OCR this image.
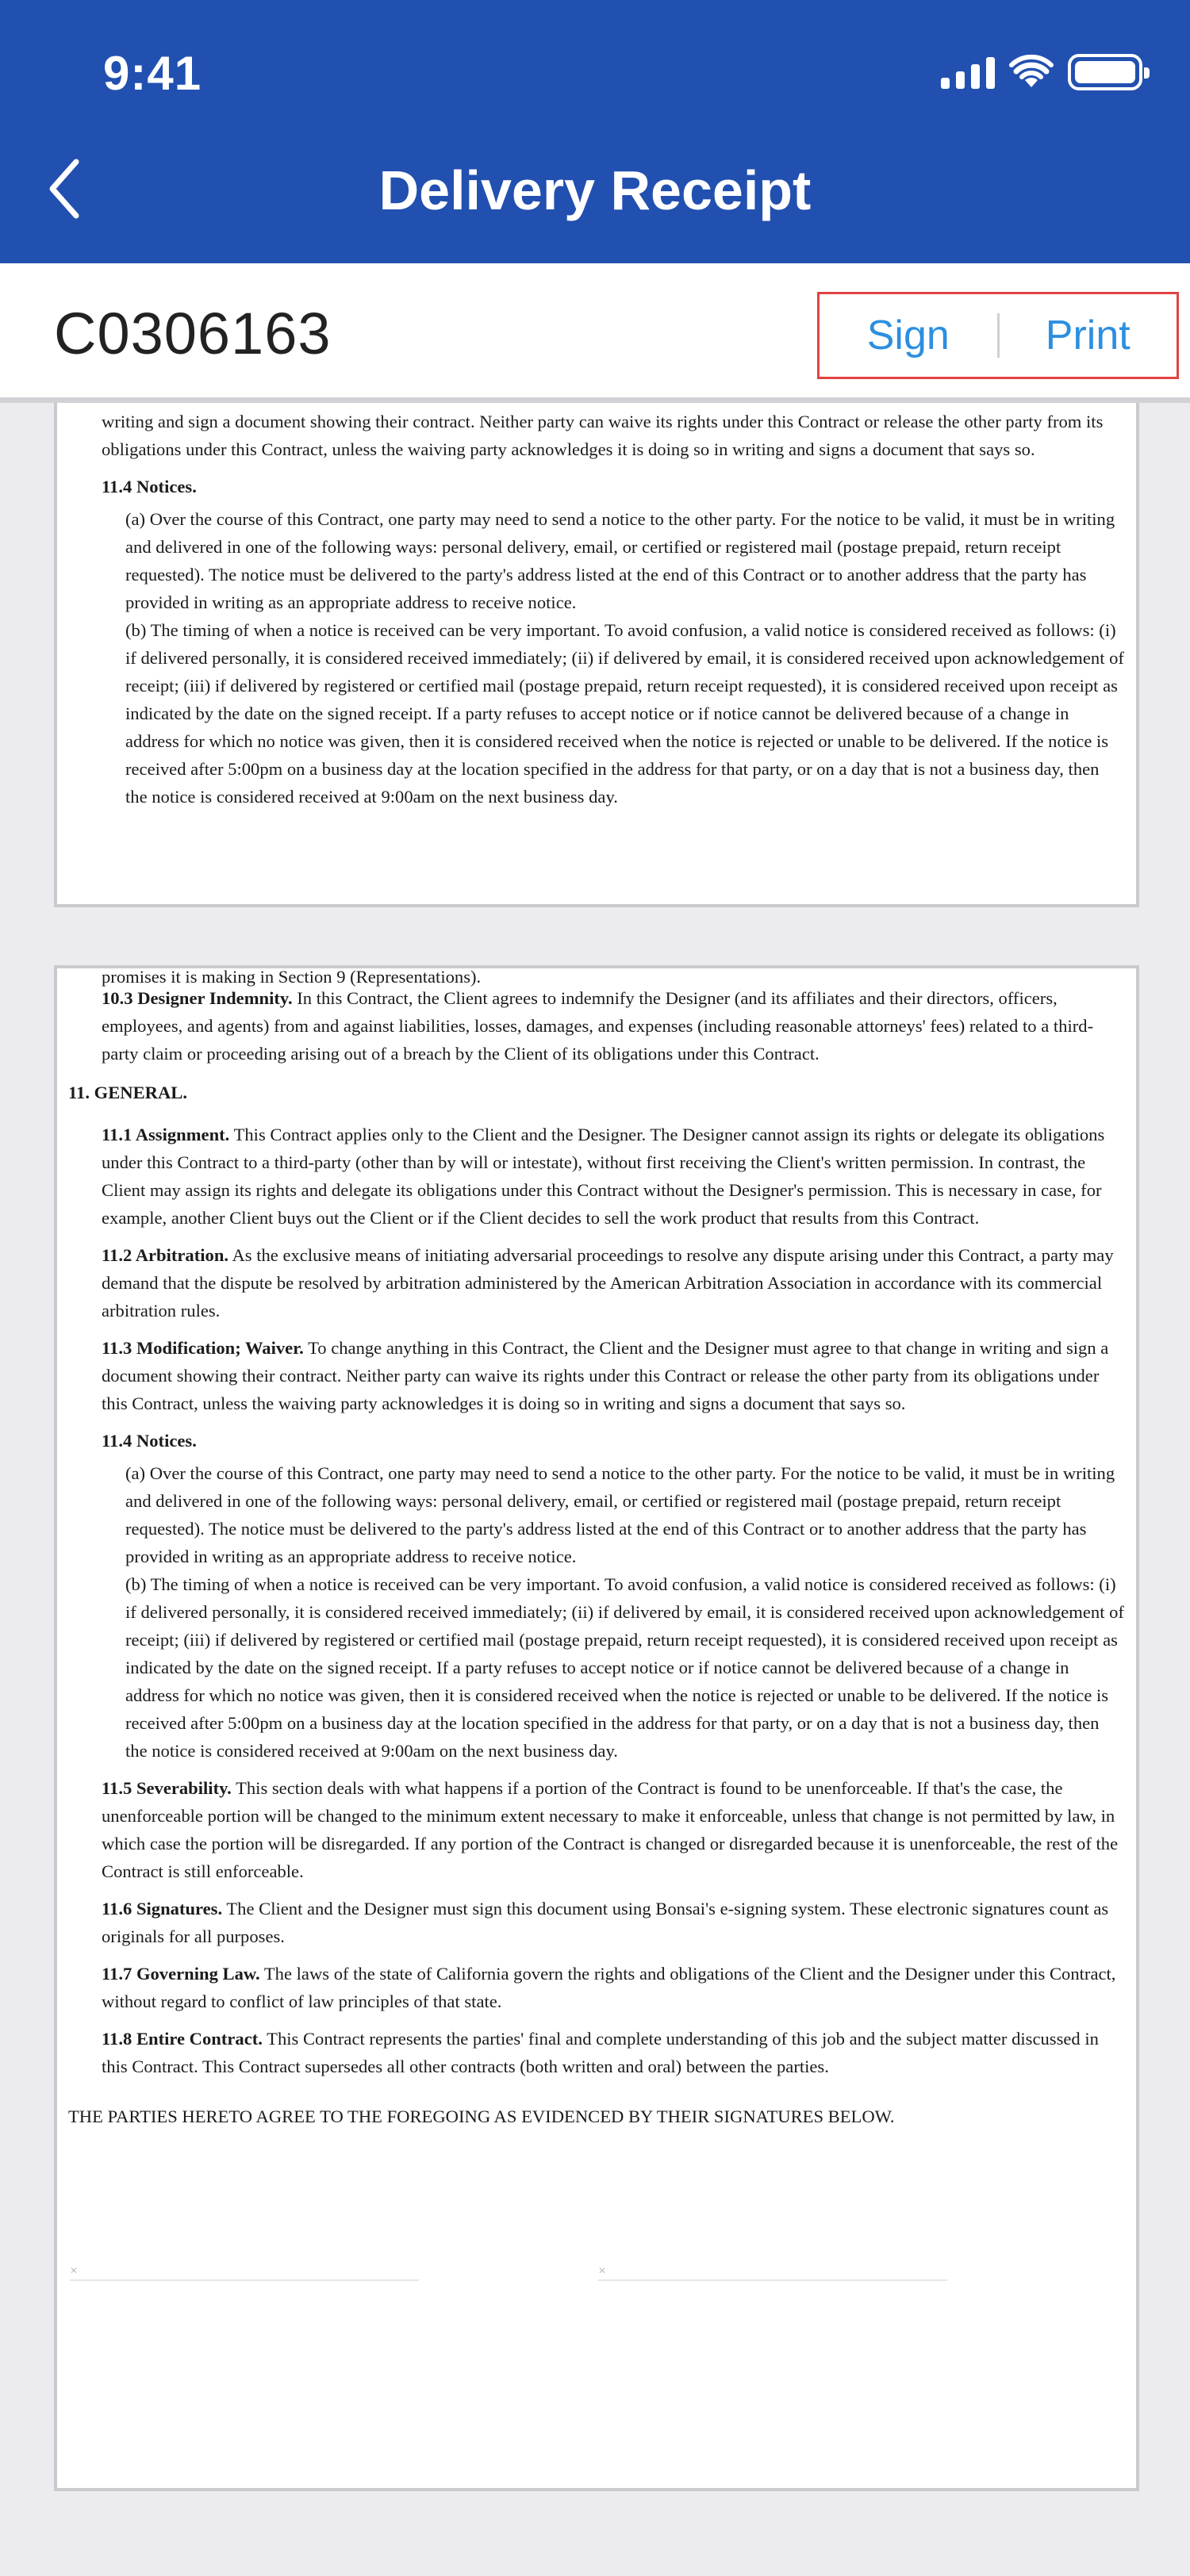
9:41
Delivery Receipt
C0306163	Sign	Print

writing and sign a document showing their contract. Neither party can waive its rights under this Contract or release the other party from its obligations under this Contract, unless the waiving party acknowledges it is doing so in writing and signs a document that says so.

11.4 Notices.

(a) Over the course of this Contract, one party may need to send a notice to the other party. For the notice to be valid, it must be in writing and delivered in one of the following ways: personal delivery, email, or certified or registered mail (postage prepaid, return receipt requested). The notice must be delivered to the party's address listed at the end of this Contract or to another address that the party has provided in writing as an appropriate address to receive notice.

(b) The timing of when a notice is received can be very important. To avoid confusion, a valid notice is considered received as follows: (i) if delivered personally, it is considered received immediately; (ii) if delivered by email, it is considered received upon acknowledgement of receipt; (iii) if delivered by registered or certified mail (postage prepaid, return receipt requested), it is considered received upon receipt as indicated by the date on the signed receipt. If a party refuses to accept notice or if notice cannot be delivered because of a change in address for which no notice was given, then it is considered received when the notice is rejected or unable to be delivered. If the notice is received after 5:00pm on a business day at the location specified in the address for that party, or on a day that is not a business day, then the notice is considered received at 9:00am on the next business day.

promises it is making in Section 9 (Representations).

10.3 Designer Indemnity. In this Contract, the Client agrees to indemnify the Designer (and its affiliates and their directors, officers, employees, and agents) from and against liabilities, losses, damages, and expenses (including reasonable attorneys' fees) related to a third-party claim or proceeding arising out of a breach by the Client of its obligations under this Contract.

11. GENERAL.

11.1 Assignment. This Contract applies only to the Client and the Designer. The Designer cannot assign its rights or delegate its obligations under this Contract to a third-party (other than by will or intestate), without first receiving the Client's written permission. In contrast, the Client may assign its rights and delegate its obligations under this Contract without the Designer's permission. This is necessary in case, for example, another Client buys out the Client or if the Client decides to sell the work product that results from this Contract.

11.2 Arbitration. As the exclusive means of initiating adversarial proceedings to resolve any dispute arising under this Contract, a party may demand that the dispute be resolved by arbitration administered by the American Arbitration Association in accordance with its commercial arbitration rules.

11.3 Modification; Waiver. To change anything in this Contract, the Client and the Designer must agree to that change in writing and sign a document showing their contract. Neither party can waive its rights under this Contract or release the other party from its obligations under this Contract, unless the waiving party acknowledges it is doing so in writing and signs a document that says so.

11.4 Notices.

(a) Over the course of this Contract, one party may need to send a notice to the other party. For the notice to be valid, it must be in writing and delivered in one of the following ways: personal delivery, email, or certified or registered mail (postage prepaid, return receipt requested). The notice must be delivered to the party's address listed at the end of this Contract or to another address that the party has provided in writing as an appropriate address to receive notice.

(b) The timing of when a notice is received can be very important. To avoid confusion, a valid notice is considered received as follows: (i) if delivered personally, it is considered received immediately; (ii) if delivered by email, it is considered received upon acknowledgement of receipt; (iii) if delivered by registered or certified mail (postage prepaid, return receipt requested), it is considered received upon receipt as indicated by the date on the signed receipt. If a party refuses to accept notice or if notice cannot be delivered because of a change in address for which no notice was given, then it is considered received when the notice is rejected or unable to be delivered. If the notice is received after 5:00pm on a business day at the location specified in the address for that party, or on a day that is not a business day, then the notice is considered received at 9:00am on the next business day.

11.5 Severability. This section deals with what happens if a portion of the Contract is found to be unenforceable. If that's the case, the unenforceable portion will be changed to the minimum extent necessary to make it enforceable, unless that change is not permitted by law, in which case the portion will be disregarded. If any portion of the Contract is changed or disregarded because it is unenforceable, the rest of the Contract is still enforceable.

11.6 Signatures. The Client and the Designer must sign this document using Bonsai's e-signing system. These electronic signatures count as originals for all purposes.

11.7 Governing Law. The laws of the state of California govern the rights and obligations of the Client and the Designer under this Contract, without regard to conflict of law principles of that state.

11.8 Entire Contract. This Contract represents the parties' final and complete understanding of this job and the subject matter discussed in this Contract. This Contract supersedes all other contracts (both written and oral) between the parties.

THE PARTIES HERETO AGREE TO THE FOREGOING AS EVIDENCED BY THEIR SIGNATURES BELOW.

✕	✕
